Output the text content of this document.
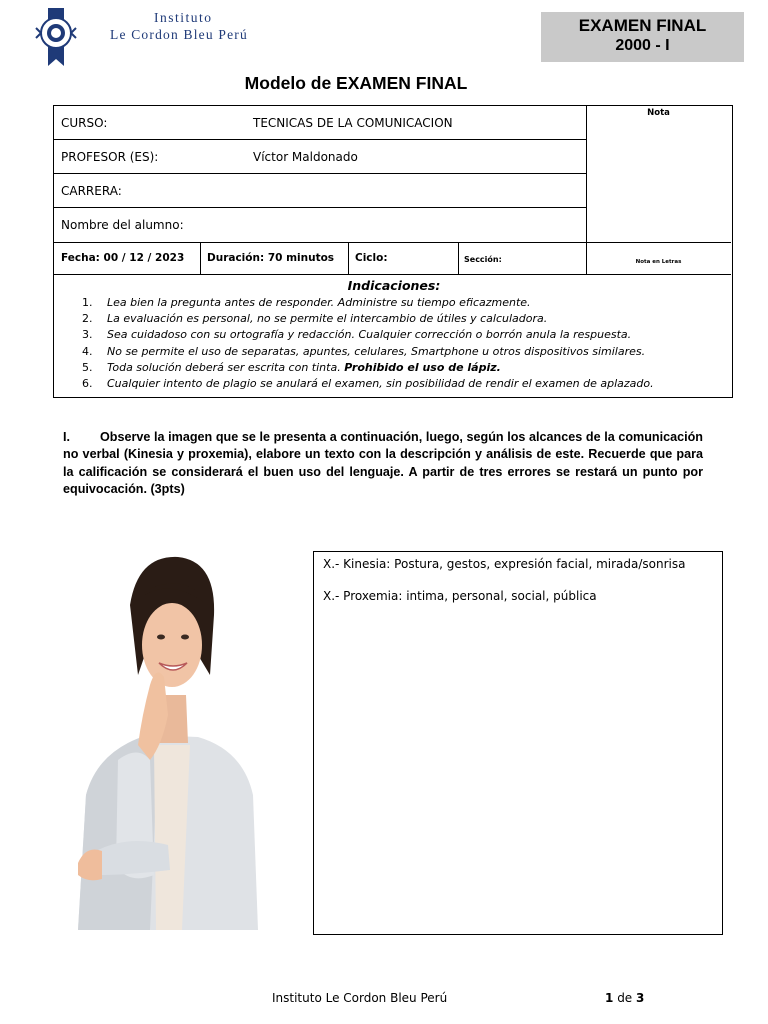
Instituto
Le Cordon Bleu Perú	EXAMEN FINAL
2000 - I
Modelo de EXAMEN FINAL
CURSO:	TECNICAS DE LA COMUNICACION
PROFESOR (ES):	Víctor Maldonado
CARRERA:
Nombre del alumno:
Nota
Fecha: 00 / 12 / 2023 Duración: 70 minutos Ciclo:	Sección:	Nota en Letras
Indicaciones:
1. Lea bien la pregunta antes de responder. Administre su tiempo eficazmente.
2. La evaluación es personal, no se permite el intercambio de útiles y calculadora.
3. Sea cuidadoso con su ortografía y redacción. Cualquier corrección o borrón anula la respuesta.
4. No se permite el uso de separatas, apuntes, celulares, Smartphone u otros dispositivos similares.
5. Toda solución deberá ser escrita con tinta. Prohibido el uso de lápiz.
6. Cualquier intento de plagio se anulará el examen, sin posibilidad de rendir el examen de aplazado.
I. Observe la imagen que se le presenta a continuación, luego, según los alcances de la comunicación no verbal (Kinesia y proxemia), elabore un texto con la descripción y análisis de este. Recuerde que para la calificación se considerará el buen uso del lenguaje. A partir de tres errores se restará un punto por equivocación. (3pts)

X.- Kinesia: Postura, gestos, expresión facial, mirada/sonrisa

X.- Proxemia: intima, personal, social, pública

Instituto Le Cordon Bleu Perú	1 de 3
